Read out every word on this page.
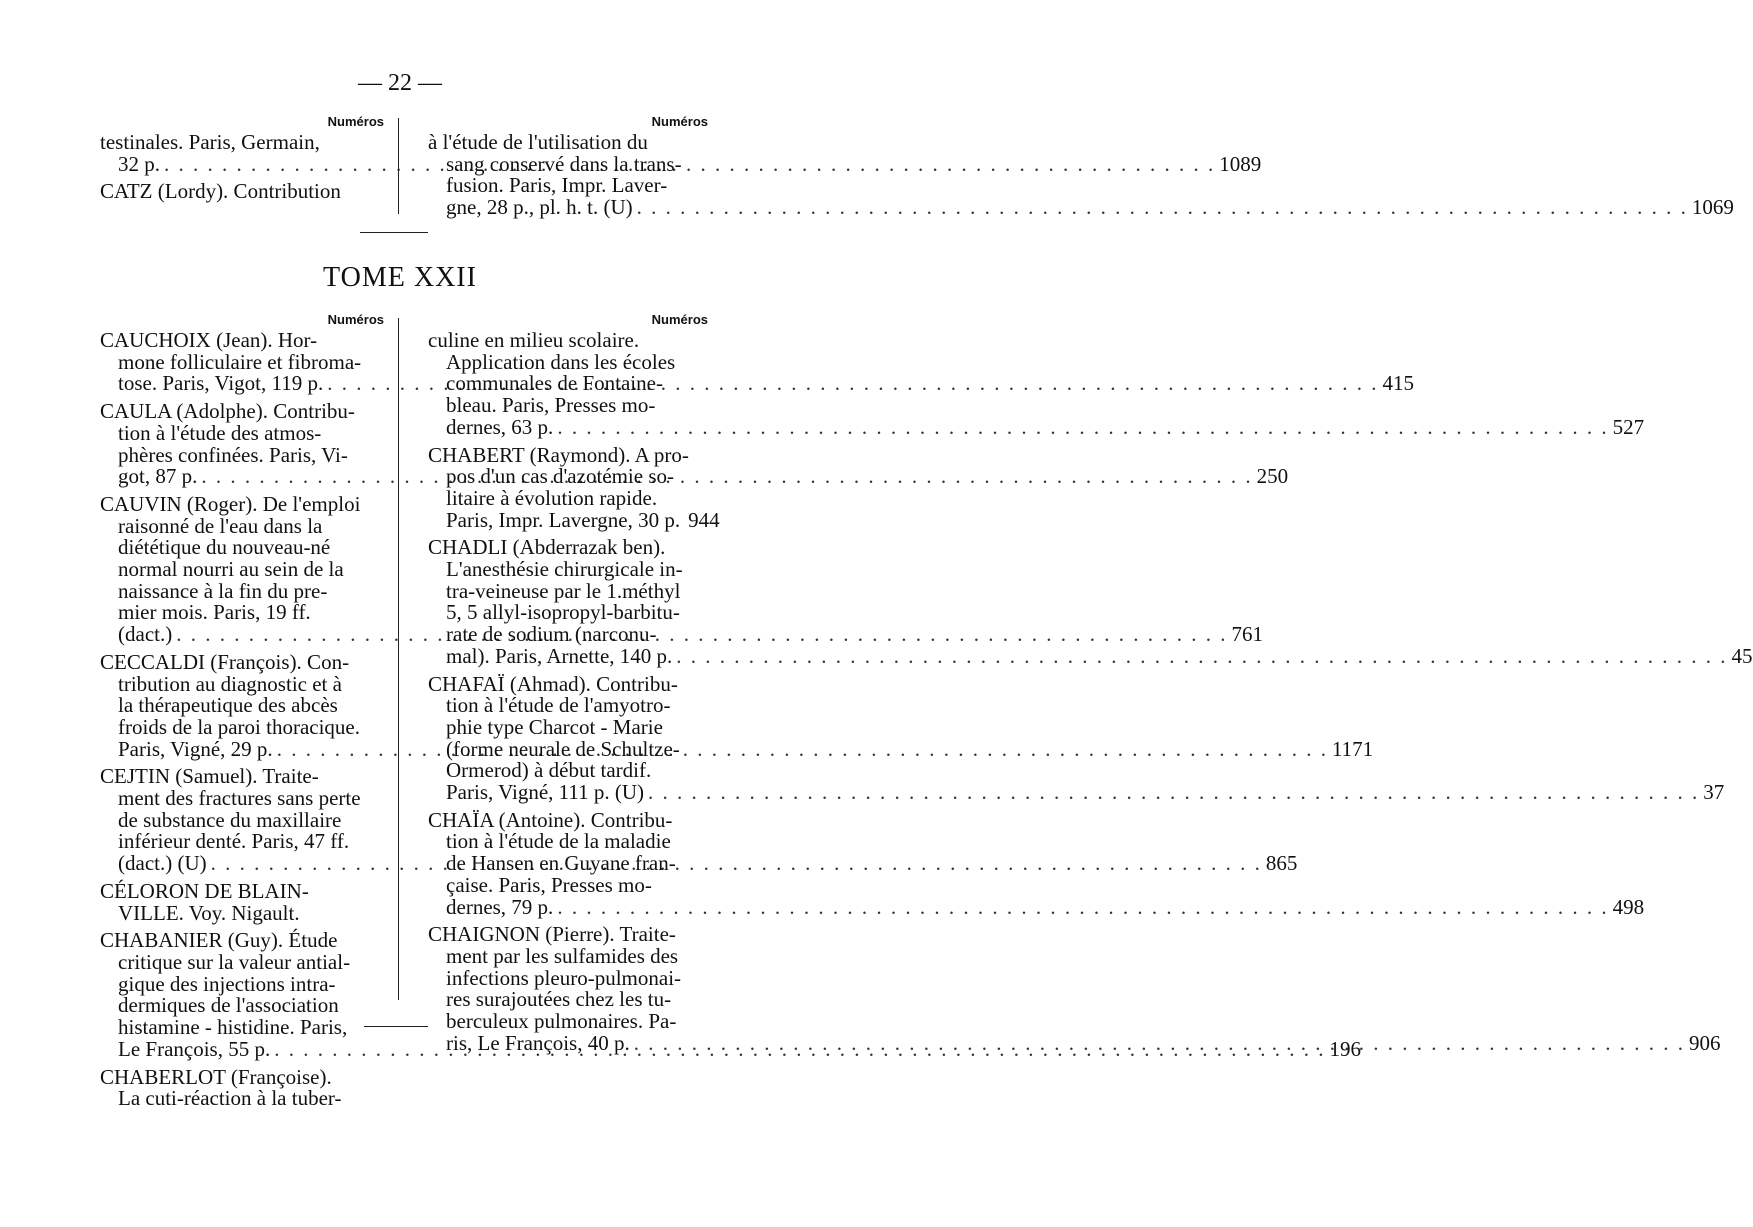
— 22 —
Numéros
testinales. Paris, Germain,
32 p. . . .	1089
CATZ (Lordy). Contribution
Numéros
à l'étude de l'utilisation du
sang conservé dans la trans-
fusion. Paris, Impr. Laver-
gne, 28 p., pl. h. t. (U) . . .	1069
TOME XXII
Numéros
CAUCHOIX (Jean). Hor-
mone folliculaire et fibroma-
tose. Paris, Vigot, 119 p. . . .	415
CAULA (Adolphe). Contribu-
tion à l'étude des atmos-
phères confinées. Paris, Vi-
got, 87 p. . . .	250
CAUVIN (Roger). De l'emploi
raisonné de l'eau dans la
diététique du nouveau-né
normal nourri au sein de la
naissance à la fin du pre-
mier mois. Paris, 19 ff.
(dact.) . . .	761
CECCALDI (François). Con-
tribution au diagnostic et à
la thérapeutique des abcès
froids de la paroi thoracique.
Paris, Vigné, 29 p. . . .	1171
CEJTIN (Samuel). Traite-
ment des fractures sans perte
de substance du maxillaire
inférieur denté. Paris, 47 ff.
(dact.) (U) . . .	865
CÉLORON DE BLAIN-
VILLE. Voy. Nigault.
CHABANIER (Guy). Étude
critique sur la valeur antial-
gique des injections intra-
dermiques de l'association
histamine - histidine. Paris,
Le François, 55 p. . . .	196
CHABERLOT (Françoise).
La cuti-réaction à la tuber-
Numéros
culine en milieu scolaire.
Application dans les écoles
communales de Fontaine-
bleau. Paris, Presses mo-
dernes, 63 p. . . .	527
CHABERT (Raymond). A pro-
pos d'un cas d'azotémie so-
litaire à évolution rapide.
Paris, Impr. Lavergne, 30 p. 944
CHADLI (Abderrazak ben).
L'anesthésie chirurgicale in-
tra-veineuse par le 1.méthyl
5, 5 allyl-isopropyl-barbitu-
rate de sodium (narconu-
mal). Paris, Arnette, 140 p. . . .	45
CHAFAÏ (Ahmad). Contribu-
tion à l'étude de l'amyotro-
phie type Charcot - Marie
(forme neurale de Schultze-
Ormerod) à début tardif.
Paris, Vigné, 111 p. (U) . . .	37
CHAÏA (Antoine). Contribu-
tion à l'étude de la maladie
de Hansen en Guyane fran-
çaise. Paris, Presses mo-
dernes, 79 p. . . .	498
CHAIGNON (Pierre). Traite-
ment par les sulfamides des
infections pleuro-pulmonai-
res surajoutées chez les tu-
berculeux pulmonaires. Pa-
ris, Le François, 40 p. . . .	906
